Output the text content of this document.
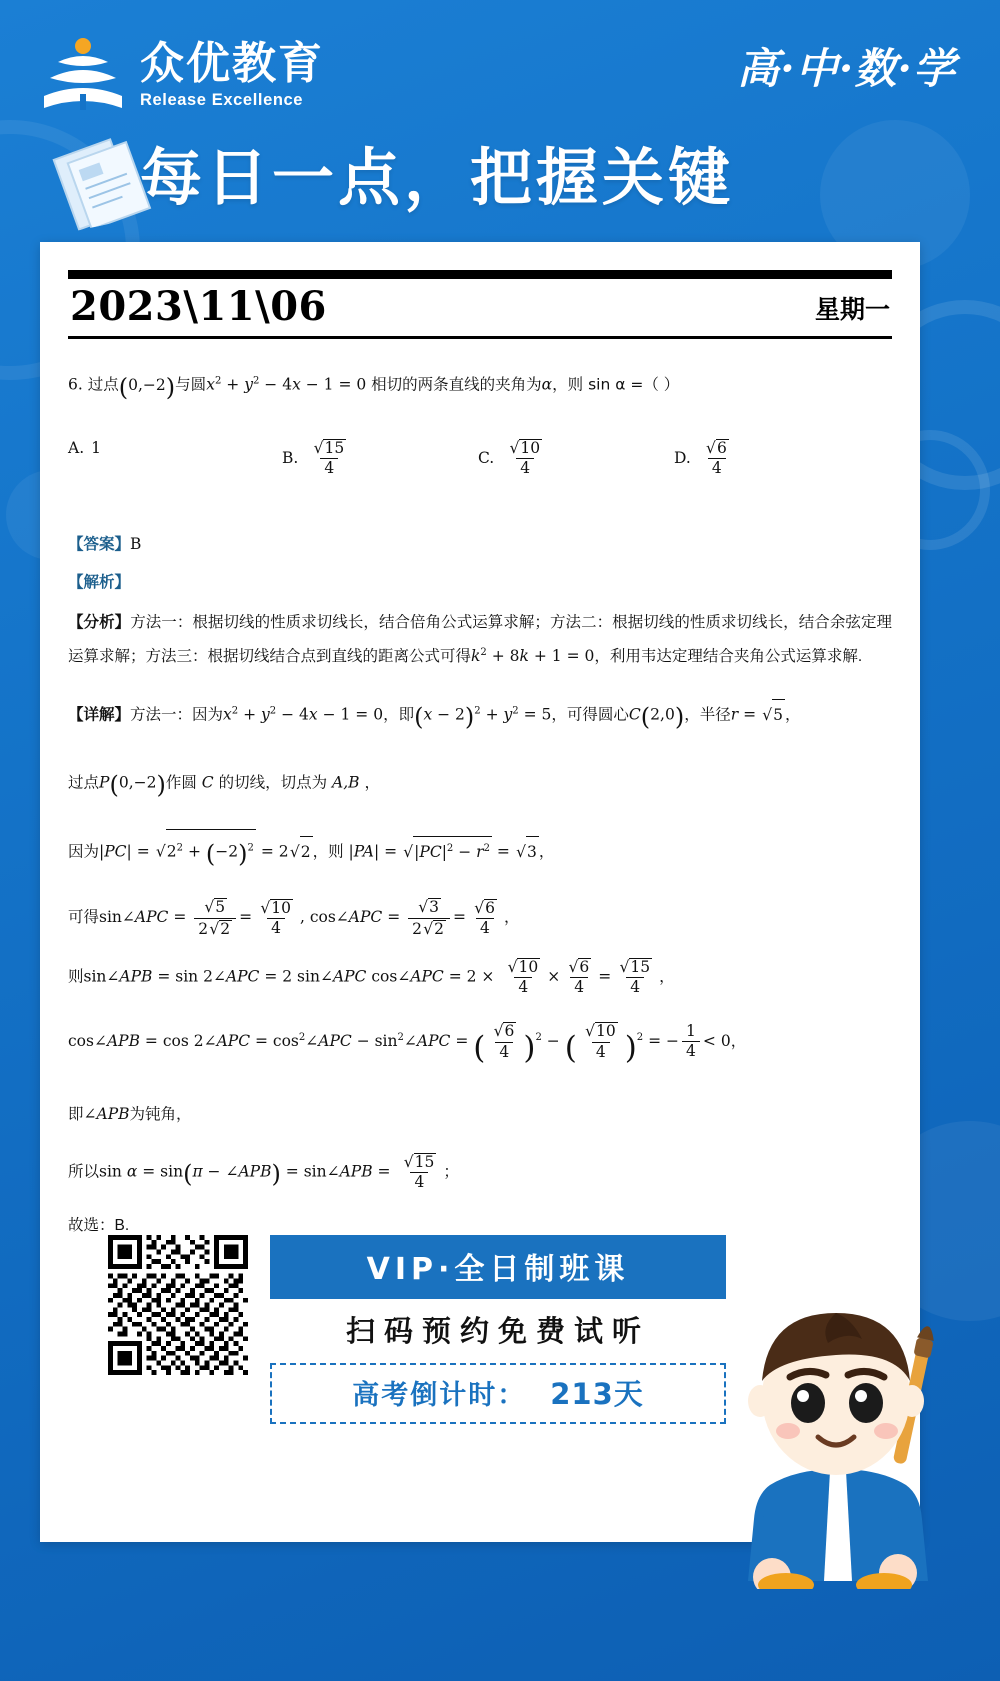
众优教育
Release Excellence
高·中·数·学
每日一点，把握关键
2023\11\06	星期一
6. 过点(0,−2)与圆$x^2 + y^2 - 4x - 1 = 0$ 相切的两条直线的夹角为α，则 sin α =（ ）
A. 1
B. $\frac{√15}{4}$	C. $\frac{√10}{4}$	D. $\frac{√6}{4}$
【答案】B
【解析】
【分析】方法一：根据切线的性质求切线长，结合倍角公式运算求解；方法二：根据切线的性质求切线长，结合余弦定理运算求解；方法三：根据切线结合点到直线的距离公式可得$k^2 + 8k + 1 = 0$，利用韦达定理结合夹角公式运算求解.
【详解】方法一：因为$x^2 + y^2 - 4x - 1 = 0$，即$(x - 2)^2 + y^2 = 5$，可得圆心C(2,0)，半径r = √5 ，
过点P(0,−2)作圆 C 的切线，切点为 A,B ，
因为$|PC| = √2^2 + (-2)^2 = 2√2$ ，则 $|PA| = √|PC|^2 - r^2 = √3$ ，
可得sin∠APC = $\frac{√5}{2√2} = \frac{√10}{4}$ , cos∠APC = $\frac{√3}{2√2} = \frac{√6}{4}$ ，
则sin∠APB = sin 2∠APC = 2 sin∠APC cos∠APC = $2 \times \frac{√10}{4} \times \frac{√6}{4} = \frac{√15}{4}$ ，
cos∠APB = cos 2∠APC = $\cos^2\angle APC$ − $\sin^2\angle APC$ = ( $\frac{√6}{4} )^2$ − ( $\frac{√10}{4} )^2$ = − $\frac{1}{4} < 0$，
即∠APB为钝角，
所以sin α = sin(π − ∠APB) = sin∠APB = $\frac{√15}{4}$ ；
故选：B.
VIP·全日制班课
扫码预约免费试听
高考倒计时： 213天
